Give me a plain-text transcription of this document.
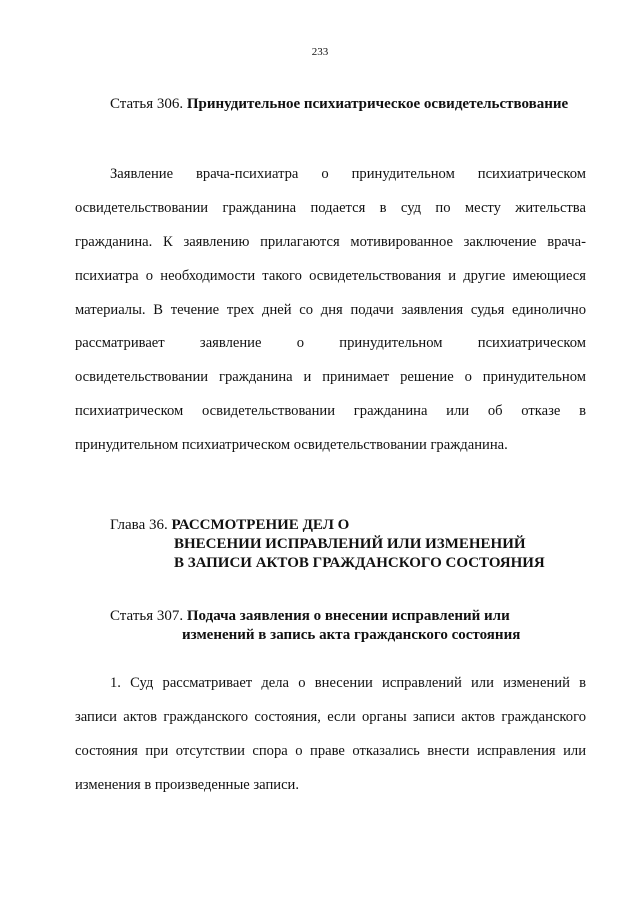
233
Статья 306. Принудительное психиатрическое освидетельствование
Заявление врача-психиатра о принудительном психиатрическом
освидетельствовании гражданина подается в суд по месту жительства
гражданина. К заявлению прилагаются мотивированное заключение врача-
психиатра о необходимости такого освидетельствования и другие имеющиеся
материалы. В течение трех дней со дня подачи заявления судья единолично
рассматривает заявление о принудительном психиатрическом
освидетельствовании гражданина и принимает решение о принудительном
психиатрическом освидетельствовании гражданина или об отказе в
принудительном психиатрическом освидетельствовании гражданина.
Глава 36. РАССМОТРЕНИЕ ДЕЛ О
ВНЕСЕНИИ ИСПРАВЛЕНИЙ ИЛИ ИЗМЕНЕНИЙ
В ЗАПИСИ АКТОВ ГРАЖДАНСКОГО СОСТОЯНИЯ
Статья 307. Подача заявления о внесении исправлений или
изменений в запись акта гражданского состояния
1. Суд рассматривает дела о внесении исправлений или изменений в
записи актов гражданского состояния, если органы записи актов гражданского
состояния при отсутствии спора о праве отказались внести исправления или
изменения в произведенные записи.
